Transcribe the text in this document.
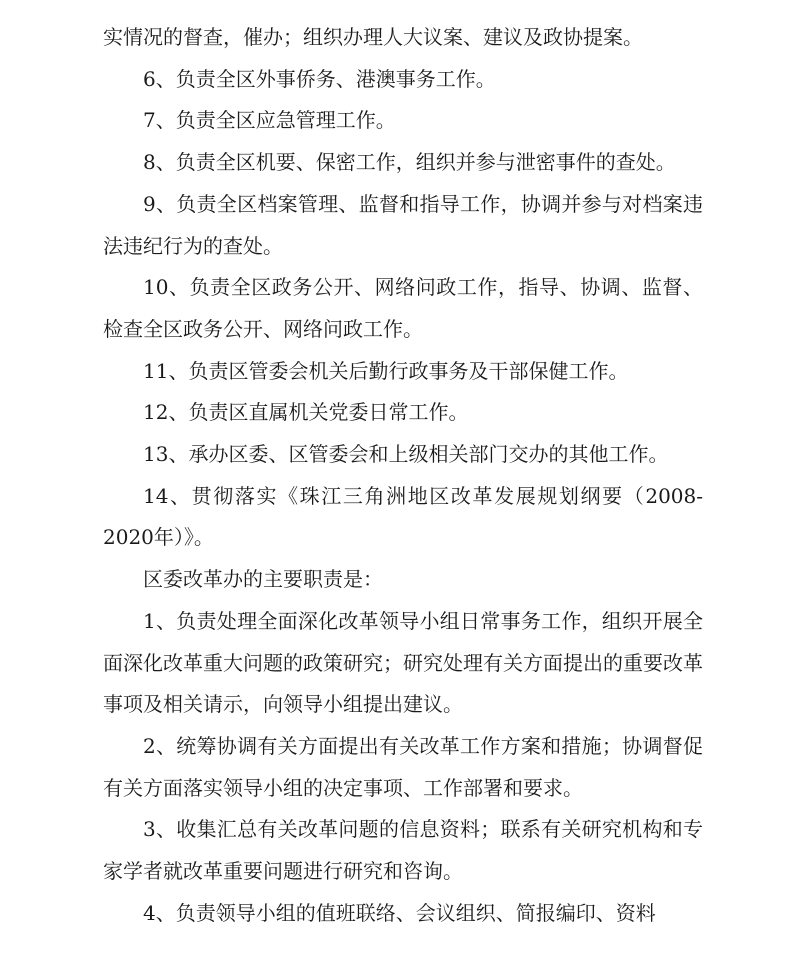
实情况的督查，催办；组织办理人大议案、建议及政协提案。

6、负责全区外事侨务、港澳事务工作。

7、负责全区应急管理工作。

8、负责全区机要、保密工作，组织并参与泄密事件的查处。

9、负责全区档案管理、监督和指导工作，协调并参与对档案违法违纪行为的查处。

10、负责全区政务公开、网络问政工作，指导、协调、监督、检查全区政务公开、网络问政工作。

11、负责区管委会机关后勤行政事务及干部保健工作。

12、负责区直属机关党委日常工作。

13、承办区委、区管委会和上级相关部门交办的其他工作。

14、贯彻落实《珠江三角洲地区改革发展规划纲要（2008-2020年）》。

区委改革办的主要职责是：

1、负责处理全面深化改革领导小组日常事务工作，组织开展全面深化改革重大问题的政策研究；研究处理有关方面提出的重要改革事项及相关请示，向领导小组提出建议。

2、统筹协调有关方面提出有关改革工作方案和措施；协调督促有关方面落实领导小组的决定事项、工作部署和要求。

3、收集汇总有关改革问题的信息资料；联系有关研究机构和专家学者就改革重要问题进行研究和咨询。

4、负责领导小组的值班联络、会议组织、简报编印、资料
